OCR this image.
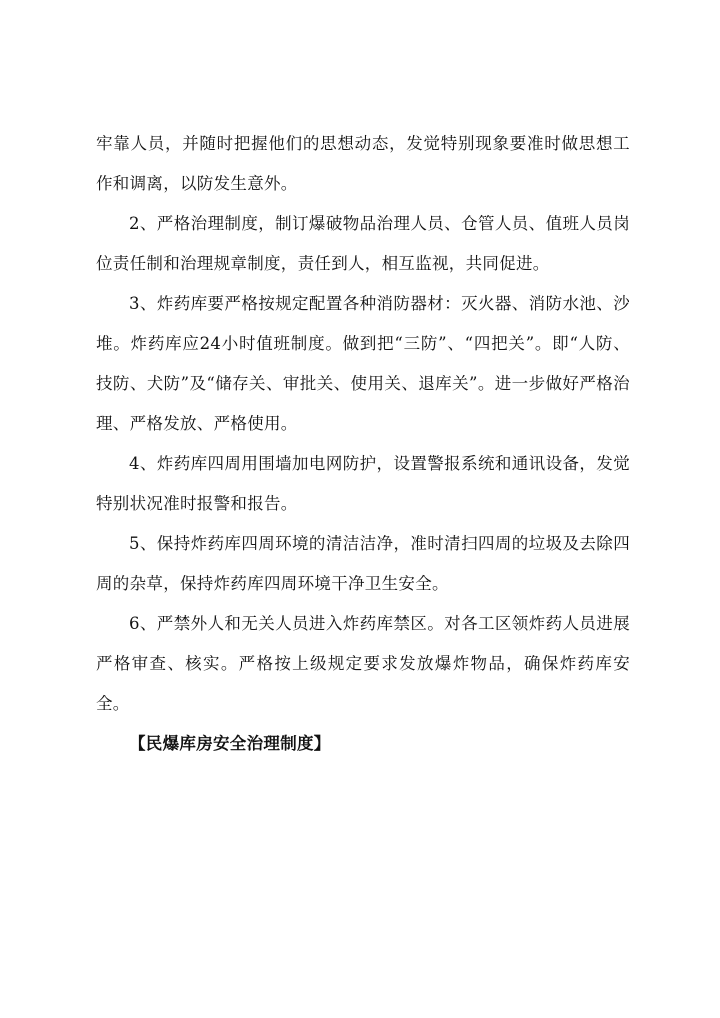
牢靠人员，并随时把握他们的思想动态，发觉特别现象要准时做思想工作和调离，以防发生意外。

2、严格治理制度，制订爆破物品治理人员、仓管人员、值班人员岗位责任制和治理规章制度，责任到人，相互监视，共同促进。

3、炸药库要严格按规定配置各种消防器材：灭火器、消防水池、沙堆。炸药库应24小时值班制度。做到把“三防”、“四把关”。即“人防、技防、犬防”及“储存关、审批关、使用关、退库关”。进一步做好严格治理、严格发放、严格使用。

4、炸药库四周用围墙加电网防护，设置警报系统和通讯设备，发觉特别状况准时报警和报告。

5、保持炸药库四周环境的清洁洁净，准时清扫四周的垃圾及去除四周的杂草，保持炸药库四周环境干净卫生安全。

6、严禁外人和无关人员进入炸药库禁区。对各工区领炸药人员进展严格审查、核实。严格按上级规定要求发放爆炸物品，确保炸药库安全。

【民爆库房安全治理制度】
